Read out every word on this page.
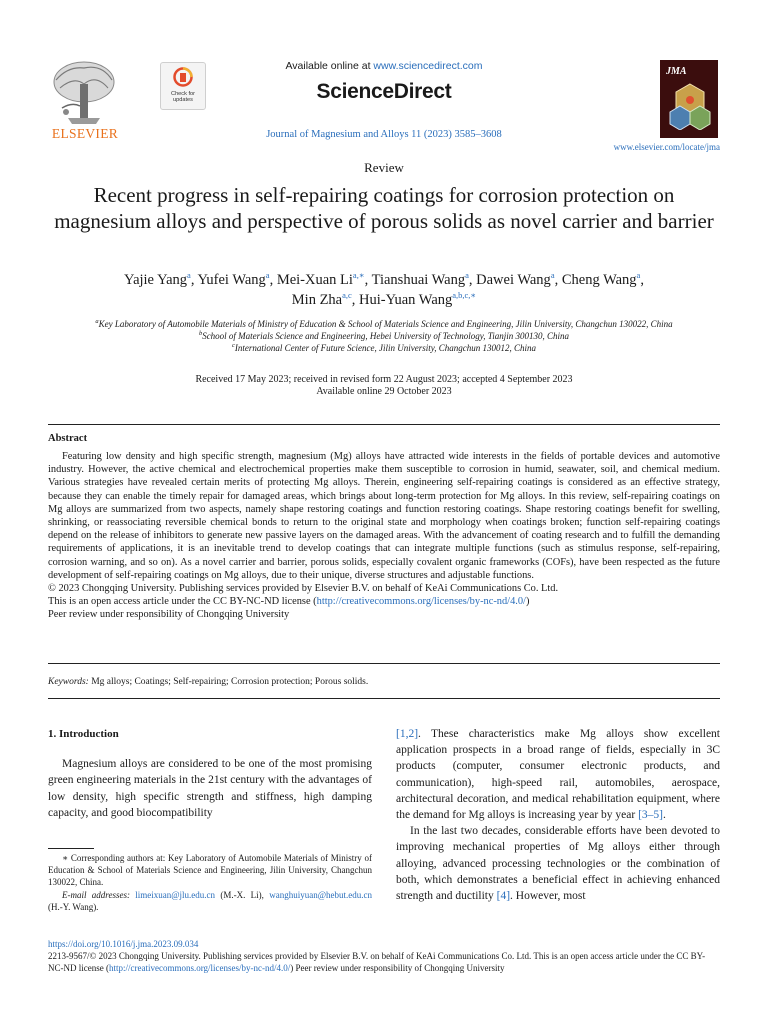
ELSEVIER
Check for
updates
Available online at www.sciencedirect.com
ScienceDirect
Journal of Magnesium and Alloys 11 (2023) 3585–3608
JMA
www.elsevier.com/locate/jma
Review
Recent progress in self-repairing coatings for corrosion protection on magnesium alloys and perspective of porous solids as novel carrier and barrier
Yajie Yang$^a$, Yufei Wang$^a$, Mei-Xuan $Li^{a,∗}$, Tianshuai Wang$^a$, Dawei Wang$^a$, Cheng Wang$^a$,
Min Zha$^{a,c}$, Hui-Yuan Wang$^{a,b,c,∗}$
$^a$Key Laboratory of Automobile Materials of Ministry of Education & School of Materials Science and Engineering, Jilin University, Changchun 130022, China
$^b$School of Materials Science and Engineering, Hebei University of Technology, Tianjin 300130, China
$^c$International Center of Future Science, Jilin University, Changchun 130012, China
Received 17 May 2023; received in revised form 22 August 2023; accepted 4 September 2023
Available online 29 October 2023
Abstract

Featuring low density and high specific strength, magnesium (Mg) alloys have attracted wide interests in the fields of portable devices and automotive industry. However, the active chemical and electrochemical properties make them susceptible to corrosion in humid, seawater, soil, and chemical medium. Various strategies have revealed certain merits of protecting Mg alloys. Therein, engineering self-repairing coatings is considered as an effective strategy, because they can enable the timely repair for damaged areas, which brings about long-term protection for Mg alloys. In this review, self-repairing coatings on Mg alloys are summarized from two aspects, namely shape restoring coatings and function restoring coatings. Shape restoring coatings benefit for swelling, shrinking, or reassociating reversible chemical bonds to return to the original state and morphology when coatings broken; function self-repairing coatings depend on the release of inhibitors to generate new passive layers on the damaged areas. With the advancement of coating research and to fulfill the demanding requirements of applications, it is an inevitable trend to develop coatings that can integrate multiple functions (such as stimulus response, self-repairing, corrosion warning, and so on). As a novel carrier and barrier, porous solids, especially covalent organic frameworks (COFs), have been respected as the future development of self-repairing coatings on Mg alloys, due to their unique, diverse structures and adjustable functions.

© 2023 Chongqing University. Publishing services provided by Elsevier B.V. on behalf of KeAi Communications Co. Ltd.

This is an open access article under the CC BY-NC-ND license (http://creativecommons.org/licenses/by-nc-nd/4.0/)

Peer review under responsibility of Chongqing University

Keywords: Mg alloys; Coatings; Self-repairing; Corrosion protection; Porous solids.

1. Introduction

Magnesium alloys are considered to be one of the most promising green engineering materials in the 21st century with the advantages of low density, high specific strength and stiffness, high damping capacity, and good biocompatibility

∗ Corresponding authors at: Key Laboratory of Automobile Materials of Ministry of Education & School of Materials Science and Engineering, Jilin University, Changchun 130022, China.

E-mail addresses: limeixuan@jlu.edu.cn (M.-X. Li), wanghuiyuan@hebut.edu.cn (H.-Y. Wang).

[1,2]. These characteristics make Mg alloys show excellent application prospects in a broad range of fields, especially in 3C products (computer, consumer electronic products, and communication), high-speed rail, automobiles, aerospace, architectural decoration, and medical rehabilitation equipment, where the demand for Mg alloys is increasing year by year [3–5].

In the last two decades, considerable efforts have been devoted to improving mechanical properties of Mg alloys either through alloying, advanced processing technologies or the combination of both, which demonstrates a beneficial effect in achieving enhanced strength and ductility [4]. However, most

https://doi.org/10.1016/j.jma.2023.09.034

2213-9567/© 2023 Chongqing University. Publishing services provided by Elsevier B.V. on behalf of KeAi Communications Co. Ltd. This is an open access article under the CC BY-NC-ND license (http://creativecommons.org/licenses/by-nc-nd/4.0/) Peer review under responsibility of Chongqing University
